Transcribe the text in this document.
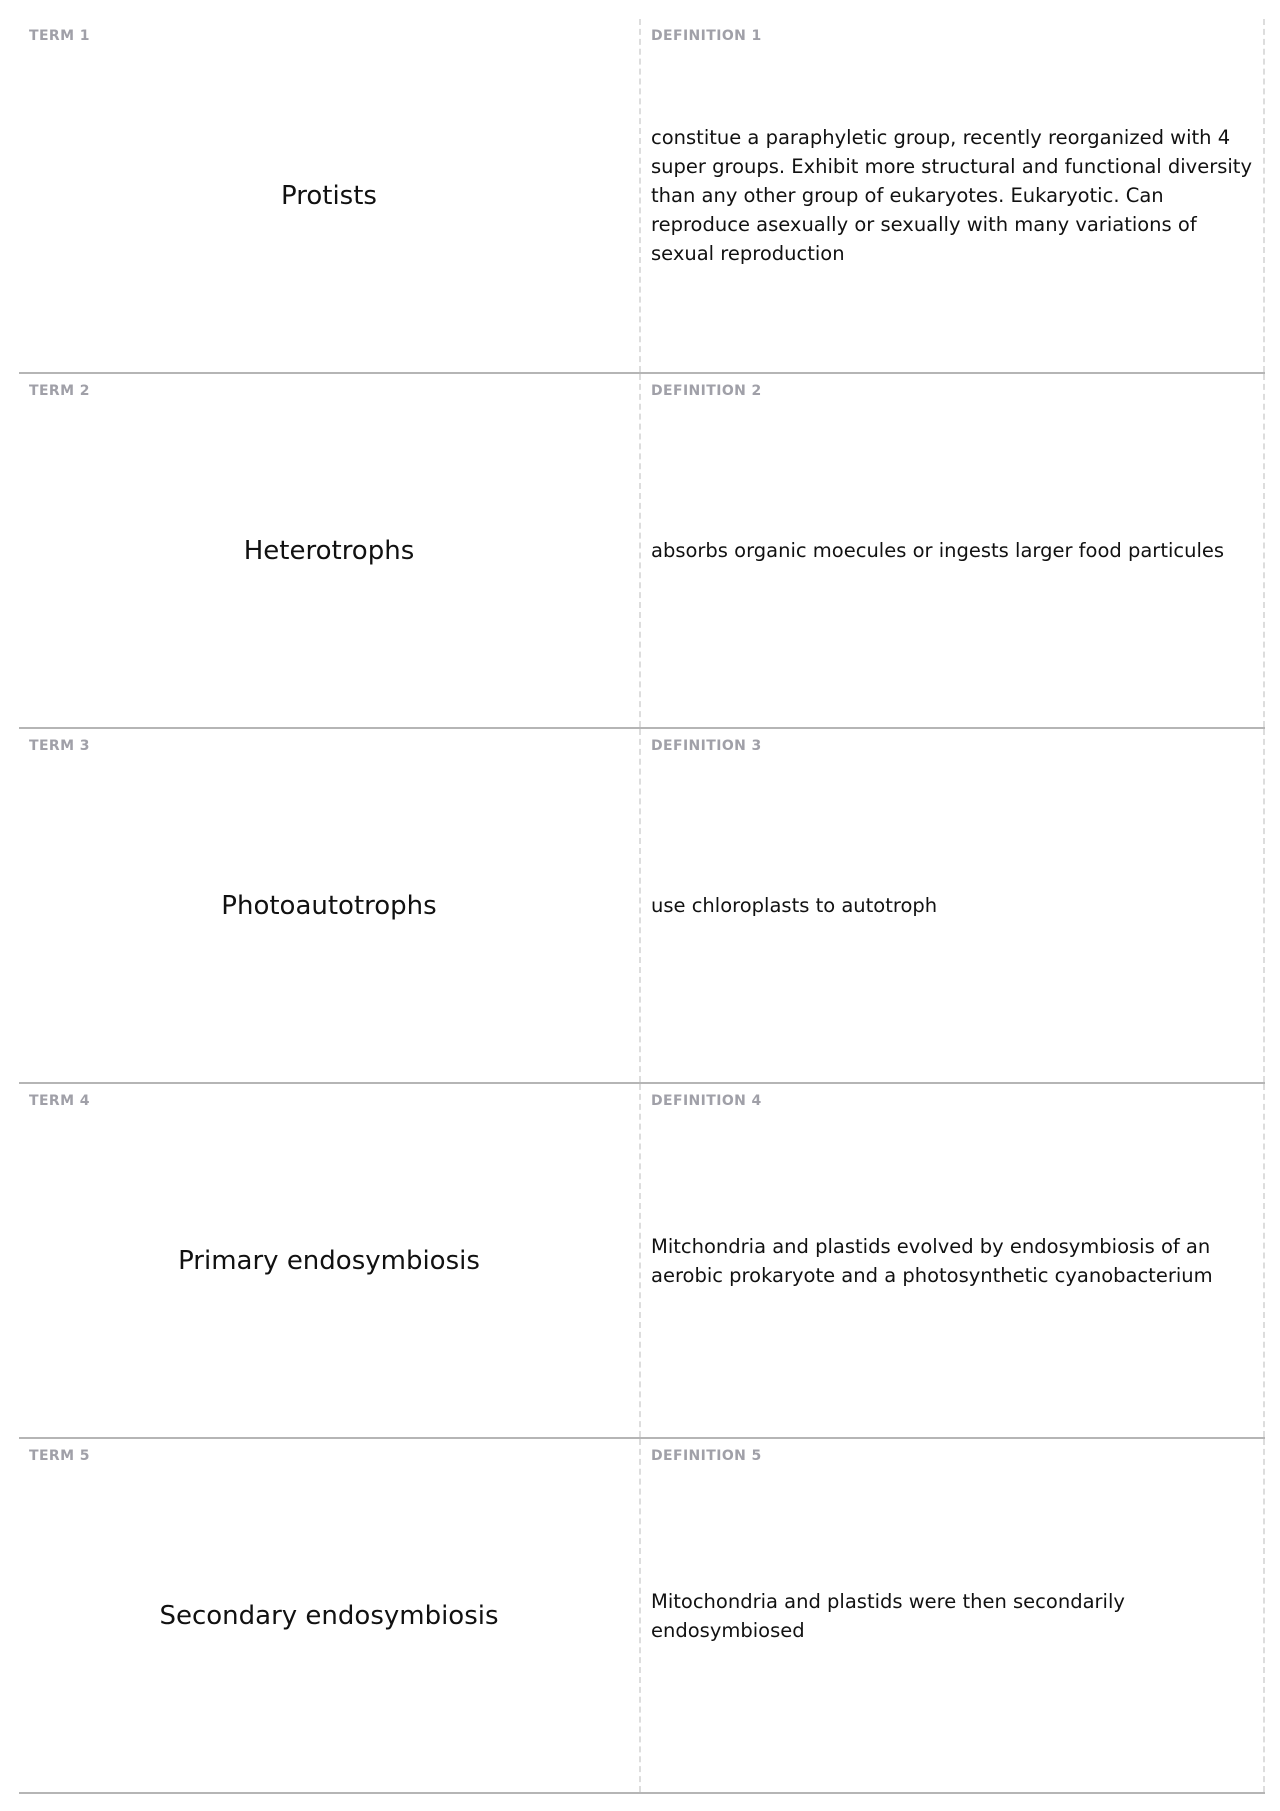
TERM 1
Protists
DEFINITION 1
constitue a paraphyletic group, recently reorganized with 4 super groups. Exhibit more structural and functional diversity than any other group of eukaryotes. Eukaryotic. Can reproduce asexually or sexually with many variations of sexual reproduction
TERM 2
Heterotrophs
DEFINITION 2
absorbs organic moecules or ingests larger food particules
TERM 3
Photoautotrophs
DEFINITION 3
use chloroplasts to autotroph
TERM 4
Primary endosymbiosis
DEFINITION 4
Mitchondria and plastids evolved by endosymbiosis of an aerobic prokaryote and a photosynthetic cyanobacterium
TERM 5
Secondary endosymbiosis
DEFINITION 5
Mitochondria and plastids were then secondarily endosymbiosed
